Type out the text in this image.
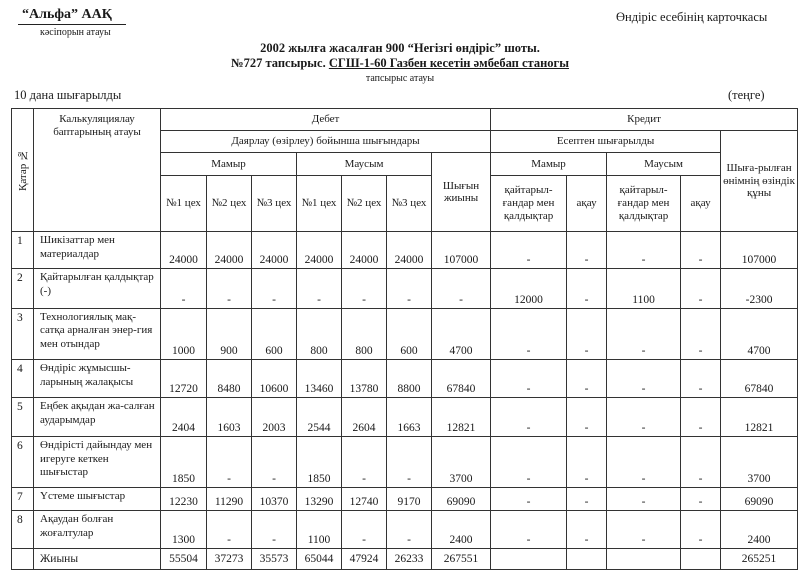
“Альфа” ААҚ
кәсіпорын атауы
Өндіріс есебінің карточкасы
2002 жылға жасалған 900 “Негізгі өндіріс” шоты.
№727 тапсырыс. СГШ-1-60 Газбен кесетін әмбебап станогы
тапсырыс атауы
10 дана шығарылды	(теңге)
Қатар №	Калькуляциялау баптарының атауы	Дебет							Кредит				
		Даярлау (өзірлеу) бойынша шығындары							Есептен шығарылды				Шыға-рылған өнімнің өзіндік құны
		Мамыр			Маусым			Шығын жиыны	Мамыр		Маусым		
		№1 цех	№2 цех	№3 цех	№1 цех	№2 цех	№3 цех		қайтарыл-ғандар мен қалдықтар	ақау	қайтарыл-ғандар мен қалдықтар	ақау	
1	Шикізаттар мен материалдар	24000	24000	24000	24000	24000	24000	107000	-	-	-	-	107000
2	Қайтарылған қалдықтар (-)	-	-	-	-	-	-	-	12000	-	1100	-	-2300
3	Технологиялық мақ-сатқа арналған энер-гия мен отындар	1000	900	600	800	800	600	4700	-	-	-	-	4700
4	Өндіріс жұмысшы-ларының жалақысы	12720	8480	10600	13460	13780	8800	67840	-	-	-	-	67840
5	Еңбек ақыдан жа-салған аударымдар	2404	1603	2003	2544	2604	1663	12821	-	-	-	-	12821
6	Өндірісті дайындау мен игеруге кеткен шығыстар	1850	-	-	1850	-	-	3700	-	-	-	-	3700
7	Үстеме шығыстар	12230	11290	10370	13290	12740	9170	69090	-	-	-	-	69090
8	Ақаудан болған жоғалтулар	1300	-	-	1100	-	-	2400	-	-	-	-	2400
	Жиыны	55504	37273	35573	65044	47924	26233	267551					265251
